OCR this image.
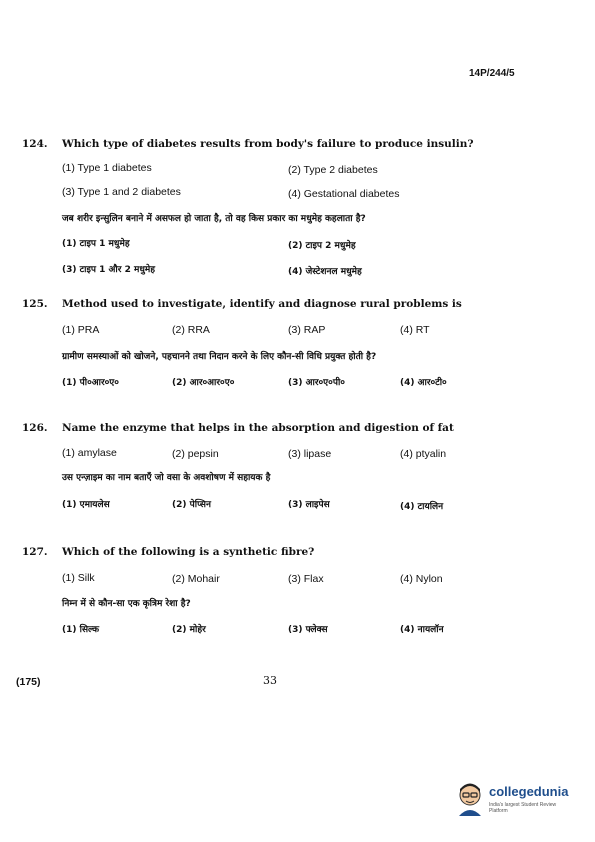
14P/244/5
124. Which type of diabetes results from body's failure to produce insulin?
(1) Type 1 diabetes	(2) Type 2 diabetes
(3) Type 1 and 2 diabetes	(4) Gestational diabetes
जब शरीर इन्सुलिन बनाने में असफल हो जाता है, तो वह किस प्रकार का मधुमेह कहलाता है?
(1) टाइप 1 मधुमेह	(2) टाइप 2 मधुमेह
(3) टाइप 1 और 2 मधुमेह	(4) जेस्टेशनल मधुमेह
125. Method used to investigate, identify and diagnose rural problems is
(1) PRA	(2) RRA	(3) RAP	(4) RT
ग्रामीण समस्याओं को खोजने, पहचानने तथा निदान करने के लिए कौन-सी विधि प्रयुक्त होती है?
(1) पी०आर०ए०	(2) आर०आर०ए०	(3) आर०ए०पी०	(4) आर०टी०
126. Name the enzyme that helps in the absorption and digestion of fat
(1) amylase	(2) pepsin	(3) lipase	(4) ptyalin
उस एन्ज़ाइम का नाम बताएँ जो वसा के अवशोषण में सहायक है
(1) एमायलेस	(2) पेप्सिन	(3) लाइपेस	(4) टायलिन
127. Which of the following is a synthetic fibre?
(1) Silk	(2) Mohair	(3) Flax	(4) Nylon
निम्न में से कौन-सा एक कृत्रिम रेशा है?
(1) सिल्क	(2) मोहेर	(3) फ्लेक्स	(4) नायलॉन
(175)	33
collegedunia
India's largest Student Review Platform
